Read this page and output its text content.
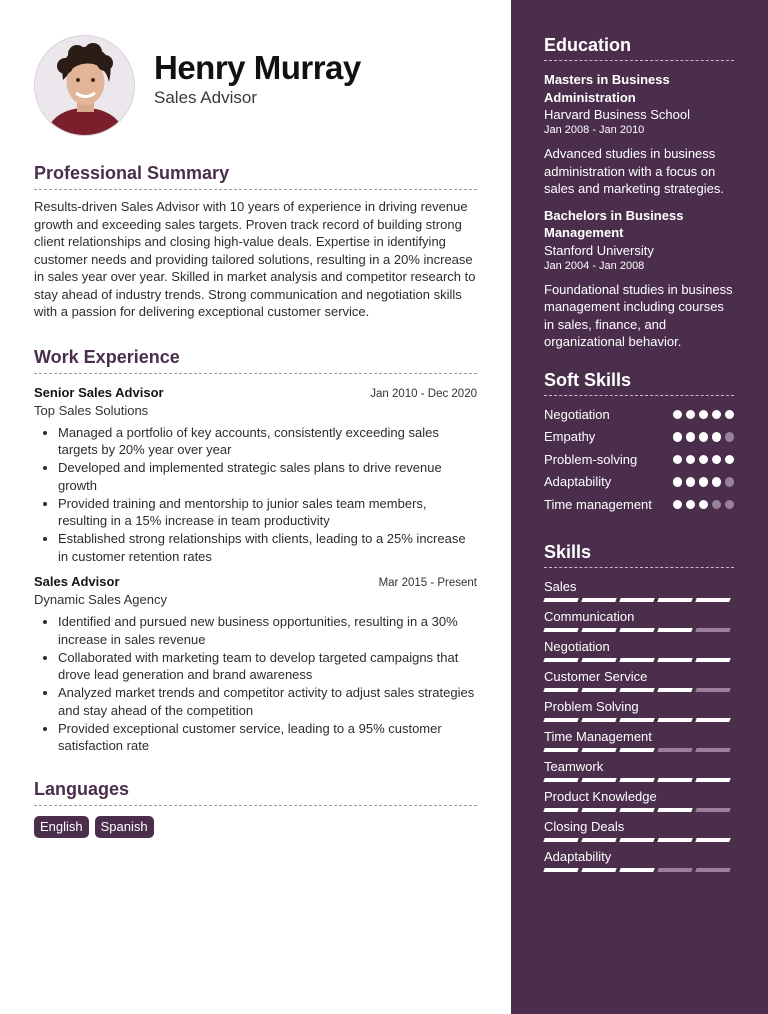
Henry Murray
Sales Advisor
Professional Summary
Results-driven Sales Advisor with 10 years of experience in driving revenue growth and exceeding sales targets. Proven track record of building strong client relationships and closing high-value deals. Expertise in identifying customer needs and providing tailored solutions, resulting in a 20% increase in sales year over year. Skilled in market analysis and competitor research to stay ahead of industry trends. Strong communication and negotiation skills with a passion for delivering exceptional customer service.
Work Experience
Senior Sales Advisor	Jan 2010 - Dec 2020
Top Sales Solutions
• Managed a portfolio of key accounts, consistently exceeding sales targets by 20% year over year
• Developed and implemented strategic sales plans to drive revenue growth
• Provided training and mentorship to junior sales team members, resulting in a 15% increase in team productivity
• Established strong relationships with clients, leading to a 25% increase in customer retention rates
Sales Advisor	Mar 2015 - Present
Dynamic Sales Agency
• Identified and pursued new business opportunities, resulting in a 30% increase in sales revenue
• Collaborated with marketing team to develop targeted campaigns that drove lead generation and brand awareness
• Analyzed market trends and competitor activity to adjust sales strategies and stay ahead of the competition
• Provided exceptional customer service, leading to a 95% customer satisfaction rate
Languages
English	Spanish
Education
Masters in Business Administration
Harvard Business School
Jan 2008 - Jan 2010
Advanced studies in business administration with a focus on sales and marketing strategies.
Bachelors in Business Management
Stanford University
Jan 2004 - Jan 2008
Foundational studies in business management including courses in sales, finance, and organizational behavior.
Soft Skills
Negotiation
Empathy
Problem-solving
Adaptability
Time management
Skills
Sales
Communication
Negotiation
Customer Service
Problem Solving
Time Management
Teamwork
Product Knowledge
Closing Deals
Adaptability
